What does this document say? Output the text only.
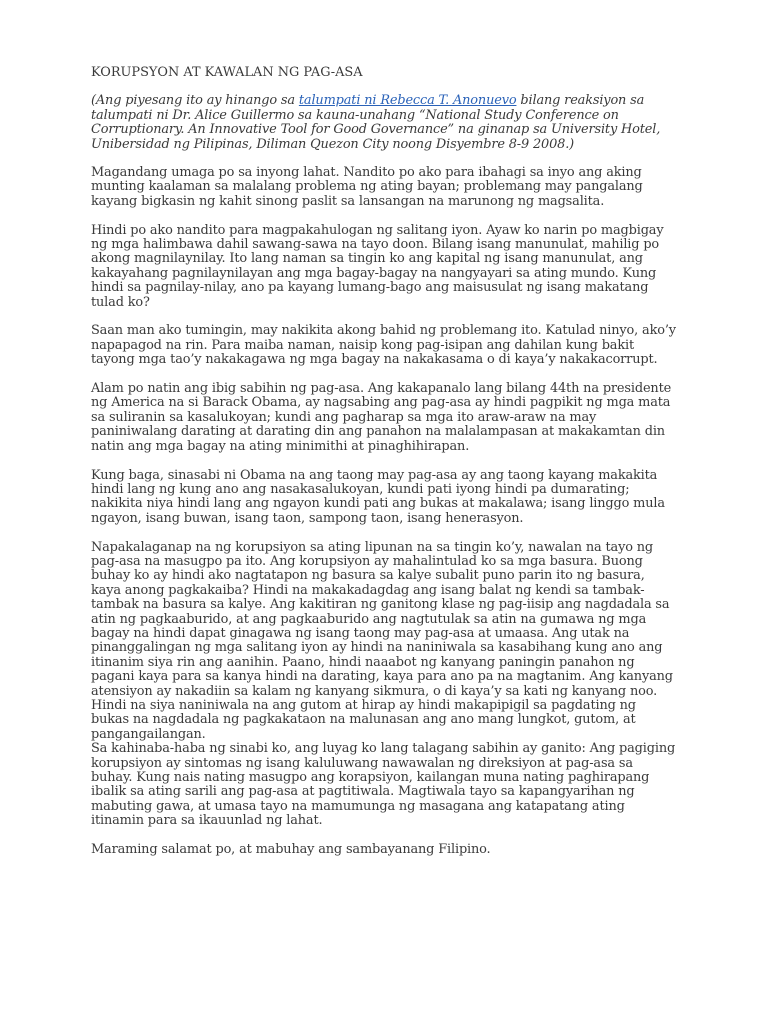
KORUPSYON AT KAWALAN NG PAG-ASA
(Ang piyesang ito ay hinango sa talumpati ni Rebecca T. Anonuevo bilang reaksiyon sa talumpati ni Dr. Alice Guillermo sa kauna-unahang “National Study Conference on Corruptionary. An Innovative Tool for Good Governance” na ginanap sa University Hotel, Unibersidad ng Pilipinas, Diliman Quezon City noong Disyembre 8-9 2008.)

Magandang umaga po sa inyong lahat. Nandito po ako para ibahagi sa inyo ang aking munting kaalaman sa malalang problema ng ating bayan; problemang may pangalang kayang bigkasin ng kahit sinong paslit sa lansangan na marunong ng magsalita.

Hindi po ako nandito para magpakahulogan ng salitang iyon. Ayaw ko narin po magbigay ng mga halimbawa dahil sawang-sawa na tayo doon. Bilang isang manunulat, mahilig po akong magnilaynilay. Ito lang naman sa tingin ko ang kapital ng isang manunulat, ang kakayahang pagnilaynilayan ang mga bagay-bagay na nangyayari sa ating mundo. Kung hindi sa pagnilay-nilay, ano pa kayang lumang-bago ang maisusulat ng isang makatang tulad ko?

Saan man ako tumingin, may nakikita akong bahid ng problemang ito. Katulad ninyo, ako’y napapagod na rin. Para maiba naman, naisip kong pag-isipan ang dahilan kung bakit tayong mga tao’y nakakagawa ng mga bagay na nakakasama o di kaya’y nakakacorrupt.

Alam po natin ang ibig sabihin ng pag-asa. Ang kakapanalo lang bilang 44th na presidente ng America na si Barack Obama, ay nagsabing ang pag-asa ay hindi pagpikit ng mga mata sa suliranin sa kasalukoyan; kundi ang pagharap sa mga ito araw-araw na may paniniwalang darating at darating din ang panahon na malalampasan at makakamtan din natin ang mga bagay na ating minimithi at pinaghihirapan.

Kung baga, sinasabi ni Obama na ang taong may pag-asa ay ang taong kayang makakita hindi lang ng kung ano ang nasakasalukoyan, kundi pati iyong hindi pa dumarating; nakikita niya hindi lang ang ngayon kundi pati ang bukas at makalawa; isang linggo mula ngayon, isang buwan, isang taon, sampong taon, isang henerasyon.

Napakalaganap na ng korupsiyon sa ating lipunan na sa tingin ko’y, nawalan na tayo ng pag-asa na masugpo pa ito. Ang korupsiyon ay mahalintulad ko sa mga basura. Buong buhay ko ay hindi ako nagtatapon ng basura sa kalye subalit puno parin ito ng basura, kaya anong pagkakaiba? Hindi na makakadagdag ang isang balat ng kendi sa tambak-tambak na basura sa kalye. Ang kakitiran ng ganitong klase ng pag-iisip ang nagdadala sa atin ng pagkaaburido, at ang pagkaaburido ang nagtutulak sa atin na gumawa ng mga bagay na hindi dapat ginagawa ng isang taong may pag-asa at umaasa. Ang utak na pinanggalingan ng mga salitang iyon ay hindi na naniniwala sa kasabihang kung ano ang itinanim siya rin ang aanihin. Paano, hindi naaabot ng kanyang paningin panahon ng pagani kaya para sa kanya hindi na darating, kaya para ano pa na magtanim. Ang kanyang atensiyon ay nakadiin sa kalam ng kanyang sikmura, o di kaya’y sa kati ng kanyang noo. Hindi na siya naniniwala na ang gutom at hirap ay hindi makapipigil sa pagdating ng bukas na nagdadala ng pagkakataon na malunasan ang ano mang lungkot, gutom, at pangangailangan.

Sa kahinaba-haba ng sinabi ko, ang luyag ko lang talagang sabihin ay ganito: Ang pagiging korupsiyon ay sintomas ng isang kaluluwang nawawalan ng direksiyon at pag-asa sa buhay. Kung nais nating masugpo ang korapsiyon, kailangan muna nating paghirapang ibalik sa ating sarili ang pag-asa at pagtitiwala. Magtiwala tayo sa kapangyarihan ng mabuting gawa, at umasa tayo na mamumunga ng masagana ang katapatang ating itinamin para sa ikauunlad ng lahat.

Maraming salamat po, at mabuhay ang sambayanang Filipino.
